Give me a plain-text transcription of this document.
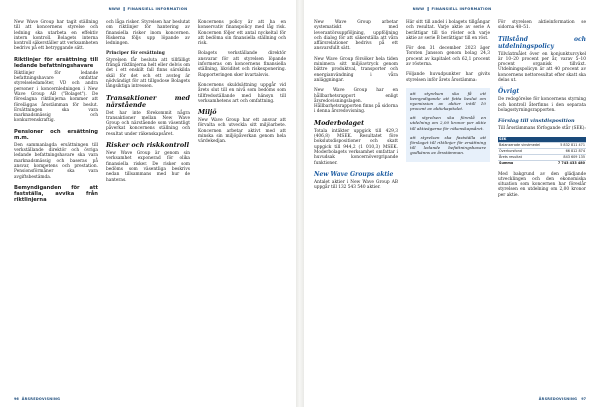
NWW FINANSIELL INFORMATION

New Wave Group har tagit ställning till att koncernens styrelse och ledning ska utarbeta en effektiv intern kontroll. Bolagets interna kontroll säkerställer att verksamheten bedrivs på ett betryggande sätt.

Riktlinjer för ersättning till ledande befattningshavare

Riktlinjer för ledande befattningshavare omfattar styrelseledamöter, VD och andra personer i koncernledningen i New Wave Group AB ("Bolaget"). De föreslagna riktlinjerna kommer att föreläggas årsstämman för beslut. Ersättningen ska vara marknadsmässig och konkurrenskraftig.

Pensioner och ersättning m.m.

Den sammanlagda ersättningen till verkställande direktör och övriga ledande befattningshavare ska vara marknadsmässig och baseras på ansvar, kompetens och prestation. Pensionsförmåner ska vara avgiftsbestämda.

Bemyndiganden för att fastställa, avvika från riktlinjerna

och låga risker. Styrelsen har beslutat om riktlinjer för hantering av finansiella risker inom koncernen. Riskerna följs upp löpande av ledningen.

Principer för ersättning

Styrelsen får besluta att tillfälligt frångå riktlinjerna helt eller delvis om det i ett enskilt fall finns särskilda skäl för det och ett avsteg är nödvändigt för att tillgodose Bolagets långsiktiga intressen.

Transaktioner med närstående

Det har inte förekommit några transaktioner mellan New Wave Group och närstående som väsentligt påverkat koncernens ställning och resultat under räkenskapsåret.

Risker och riskkontroll

New Wave Group är genom sin verksamhet exponerad för olika finansiella risker. De risker som bedöms som väsentliga beskrivs nedan tillsammans med hur de hanteras.

Koncernens policy är att ha en konservativ finanspolicy med låg risk. Koncernen följer ett antal nyckeltal för att bedöma sin finansiella ställning och risk.

Bolagets verkställande direktör ansvarar för att styrelsen löpande informeras om koncernens finansiella ställning, likviditet och riskexponering. Rapporteringen sker kvartalsvis.

Koncernens skuldsättning uppgår vid årets slut till en nivå som bedöms som tillfredsställande med hänsyn till verksamhetens art och omfattning.

Miljö

New Wave Group har ett ansvar att förvalta och utveckla sitt miljöarbete. Koncernen arbetar aktivt med att minska sin miljöpåverkan genom hela värdekedjan.

96 ÅRSREDOVISNING
NWW FINANSIELL INFORMATION

New Wave Group arbetar systematiskt med leverantörsuppföljning, uppföljning och dialog för att säkerställa att våra affärsrelationer bedrivs på ett ansvarsfullt sätt.

New Wave Group försöker hela tiden minimera sitt miljöavtryck genom bättre produktval, transporter och energianvändning i våra anläggningar.

New Wave Group har en hållbarhetsrapport enligt årsredovisningslagen. Hållbarhetsrapporten finns på sidorna i denna årsredovisning.

Moderbolaget

Totala intäkter uppgick till 429,3 (406,8) MSEK. Resultatet före bokslutsdispositioner och skatt uppgick till 944,2 (1 010,3) MSEK. Moderbolagets verksamhet omfattar i huvudsak koncernövergripande funktioner.

New Wave Groups aktie

Antalet aktier i New Wave Group AB uppgår till 132 543 540 aktier.

Här sitt till andel i bolagets tillgångar och resultat. Varje aktie av serie A berättigar till tio röster och varje aktie av serie B berättigar till en röst.

För den 31 december 2023 äger Torsten Jansson genom bolag 24,3 procent av kapitalet och 62,1 procent av rösterna.

Följande huvudpunkter har givits styrelsen inför årets årsstämma:

att styrelsen ska få ett bemyndigande att fatta beslut om nyemission av aktier intill 10 procent av aktiekapitalet.

att styrelsen ska föreslå en utdelning om 2,00 kronor per aktie till aktieägarna för räkenskapsåret.

att styrelsen ska fastställa att förslaget till riktlinjer för ersättning till ledande befattningshavare godkänns av årsstämman.

För styrelsen aktieinformation se sidorna 48–51.

Tillstånd och utdelningspolicy

Tillväxtmålet över en konjunkturcykel är 10–20 procent per år, varav 5–10 procent organisk tillväxt. Utdelningspolicyn är att 40 procent av koncernens nettoresultat efter skatt ska delas ut.

Övrigt

De redogörelse för koncernens styrning och kontroll återfinns i den separata bolagsstyrningsrapporten.

Förslag till vinstdisposition

Till årsstämmans förfogande står (SEK):

SEK
Balanserade vinstmedel	5 832 811 471
Överkursfond	66 812 874
Årets resultat	843 609 135
Summa	7 743 433 480

Med bakgrund av den glädjande utvecklingen och den ekonomiska situation som koncernen har föreslår styrelsen en utdelning om 2,00 kronor per aktie.

ÅRSREDOVISNING 97
